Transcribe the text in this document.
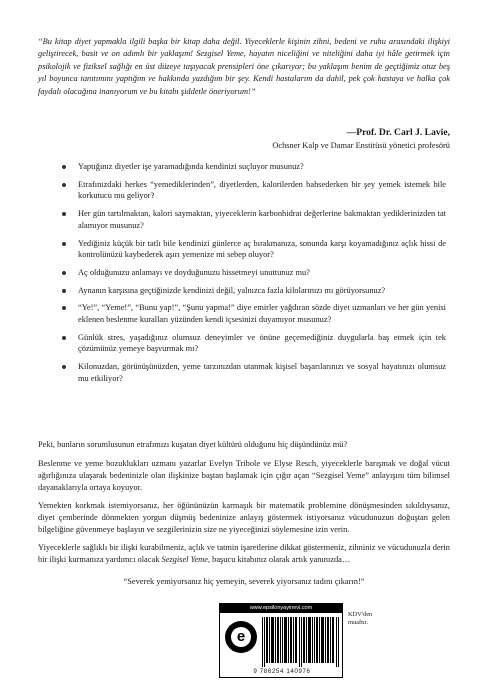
“Bu kitap diyet yapmakla ilgili başka bir kitap daha değil. Yiyeceklerle kişinin zihni, bedeni ve ruhu arasındaki ilişkiyi geliştirecek, basit ve on adımlı bir yaklaşım! Sezgisel Yeme, hayatın niceliğini ve niteliğini daha iyi hâle getirmek için psikolojik ve fiziksel sağlığı en üst düzeye taşıyacak prensipleri öne çıkarıyor; bu yaklaşım benim de geçtiğimiz otuz beş yıl boyunca tanıtımını yaptığım ve hakkında yazdığım bir şey. Kendi hastalarım da dahil, pek çok hastaya ve halka çok faydalı olacağına inanıyorum ve bu kitabı şiddetle öneriyorum!”

—Prof. Dr. Carl J. Lavie,

Ochsner Kalp ve Damar Enstitüsü yönetici profesörü

Yaptığınız diyetler işe yaramadığında kendinizi suçluyor musunuz?
Etrafınızdaki herkes “yemediklerinden”, diyetlerden, kalorilerden bahsederken bir şey yemek istemek bile korkutucu mu geliyor?
Her gün tartılmaktan, kalori saymaktan, yiyeceklerin karbonhidrat değerlerine bakmaktan yediklerinizden tat alamıyor musunuz?
Yediğiniz küçük bir tatlı bile kendinizi günlerce aç bırakmanıza, sonunda karşı koyamadığınız açlık hissi de kontrolünüzü kaybederek aşırı yemenize mi sebep oluyor?
Aç olduğunuzu anlamayı ve doyduğunuzu hissetmeyi unuttunuz mu?
Aynanın karşısına geçtiğinizde kendinizi değil, yalnızca fazla kilolarınızı mı görüyorsunuz?
“Ye!”, “Yeme!”, “Bunu yap!”, “Şunu yapma!” diye emirler yağdıran sözde diyet uzmanları ve her gün yenisi eklenen beslenme kuralları yüzünden kendi içsesinizi duyamıyor musunuz?
Günlük stres, yaşadığınız olumsuz deneyimler ve önüne geçemediğiniz duygularla baş etmek için tek çözümünüz yemeye başvurmak mı?
Kilonuzdan, görünüşünüzden, yeme tarzınızdan utanmak kişisel başarılarınızı ve sosyal hayatınızı olumsuz mu etkiliyor?

Peki, bunların sorumlusunun etrafımızı kuşatan diyet kültürü olduğunu hiç düşündünüz mü?

Beslenme ve yeme bozuklukları uzmanı yazarlar Evelyn Tribole ve Elyse Resch, yiyeceklerle barışmak ve doğal vücut ağırlığınıza ulaşarak bedeninizle olan ilişkinize baştan başlamak için çığır açan “Sezgisel Yeme” anlayışını tüm bilimsel dayanaklarıyla ortaya koyuyor.

Yemekten korkmak istemiyorsanız, her öğününüzün karmaşık bir matematik problemine dönüşmesinden sıkıldıysanız, diyet çemberinde dönmekten yorgun düşmüş bedeninize anlayış göstermek istiyorsanız vücudunuzun doğuştan gelen bilgeliğine güvenmeye başlayın ve sezgilerinizin size ne yiyeceğinizi söylemesine izin verin.

Yiyeceklerle sağlıklı bir ilişki kurabilmeniz, açlık ve tatmin işaretlerine dikkat göstermeniz, zihniniz ve vücudunuzla derin bir ilişki kurmanıza yardımcı olacak Sezgisel Yeme, başucu kitabınız olarak artık yanınızda…

“Severek yemiyorsanız hiç yemeyin, severek yiyorsanız tadını çıkarın!”

www.epsilonyayinevi.com
e
9 786254 140976

KDV'den
muaftır.
